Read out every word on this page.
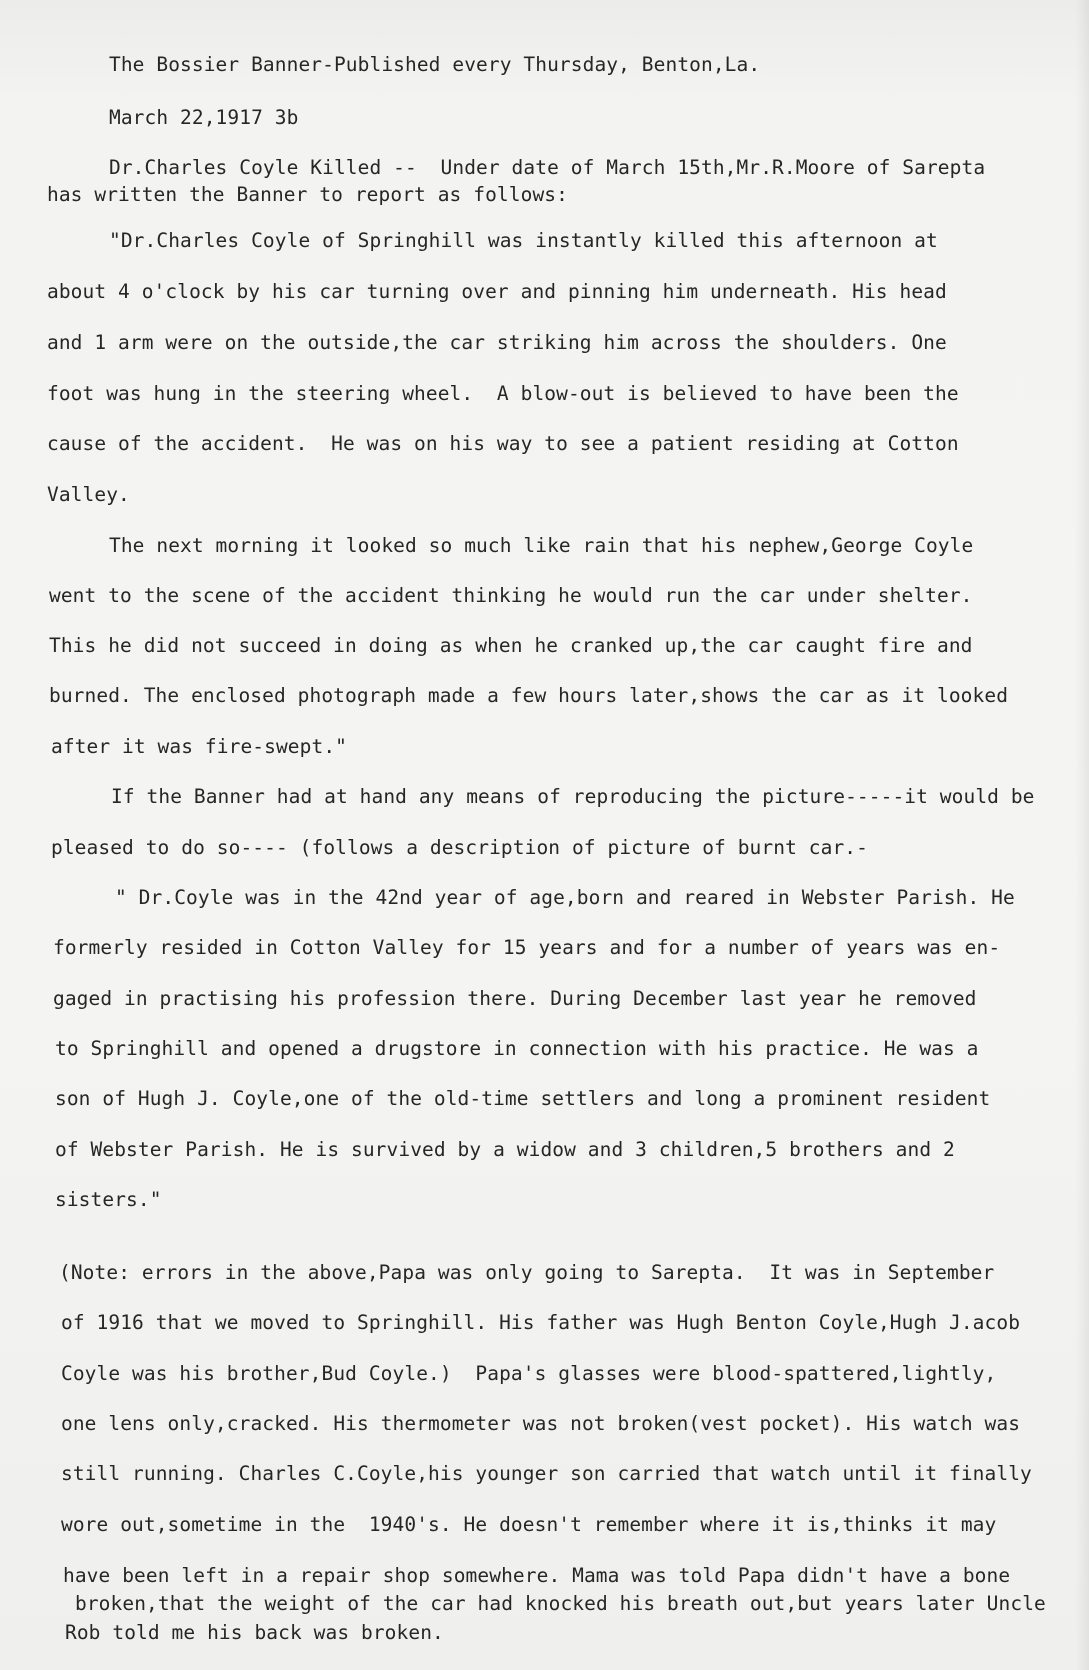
The Bossier Banner-Published every Thursday, Benton,La.
March 22,1917 3b
Dr.Charles Coyle Killed --  Under date of March 15th,Mr.R.Moore of Sarepta
has written the Banner to report as follows:
"Dr.Charles Coyle of Springhill was instantly killed this afternoon at
about 4 o'clock by his car turning over and pinning him underneath. His head
and 1 arm were on the outside,the car striking him across the shoulders. One
foot was hung in the steering wheel.  A blow-out is believed to have been the
cause of the accident.  He was on his way to see a patient residing at Cotton
Valley.
The next morning it looked so much like rain that his nephew,George Coyle
went to the scene of the accident thinking he would run the car under shelter.
This he did not succeed in doing as when he cranked up,the car caught fire and
burned. The enclosed photograph made a few hours later,shows the car as it looked
after it was fire-swept."
If the Banner had at hand any means of reproducing the picture-----it would be
pleased to do so---- (follows a description of picture of burnt car.-
" Dr.Coyle was in the 42nd year of age,born and reared in Webster Parish. He
formerly resided in Cotton Valley for 15 years and for a number of years was en-
gaged in practising his profession there. During December last year he removed
to Springhill and opened a drugstore in connection with his practice. He was a
son of Hugh J. Coyle,one of the old-time settlers and long a prominent resident
of Webster Parish. He is survived by a widow and 3 children,5 brothers and 2
sisters."
(Note: errors in the above,Papa was only going to Sarepta.  It was in September
of 1916 that we moved to Springhill. His father was Hugh Benton Coyle,Hugh J.acob
Coyle was his brother,Bud Coyle.)  Papa's glasses were blood-spattered,lightly,
one lens only,cracked. His thermometer was not broken(vest pocket). His watch was
still running. Charles C.Coyle,his younger son carried that watch until it finally
wore out,sometime in the  1940's. He doesn't remember where it is,thinks it may
have been left in a repair shop somewhere. Mama was told Papa didn't have a bone
broken,that the weight of the car had knocked his breath out,but years later Uncle
Rob told me his back was broken.
